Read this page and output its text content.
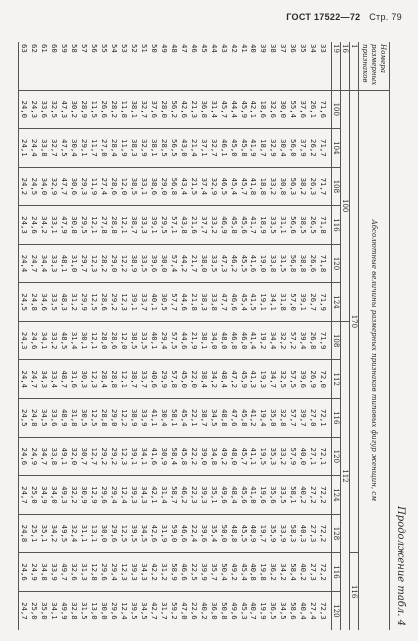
ГОСТ 17522—72 Стр. 79
Продолжение табл. 4
Номера размерных признаков	Абсолютные величины размерных признаков типовых фигур женщин, см													
1	170												116	
16	100						112							
19	100	104	108	116	120	124	108	112	116	120	124	128	116	120
33	71,6	71,7	71,7	71,8	71,8	71,9	71,9	72,0	72,1	72,1	72,2	72,2	72,2	72,3
34	26,1	26,2	26,3	26,5	26,6	26,7	26,8	26,9	27,0	27,1	27,2	27,3	27,3	27,4
35	37,6	37,9	38,2	38,5	38,8	39,1	39,4	39,6	39,7	40,0	40,2	40,3	40,2	40,4
36	55,4	56,0	56,3	56,6	56,8	57,0	57,2	57,5	57,7	57,9	58,1	58,3	58,4	58,6
37	30,0	30,4	30,8	31,1	31,5	31,8	32,2	32,5	32,8	33,2	33,5	33,9	34,2	34,5
38	32,6	32,9	33,2	33,5	33,8	34,1	34,4	34,7	35,0	35,3	35,6	35,9	36,2	36,5
39	18,6	18,7	18,8	18,9	19,0	19,1	19,2	19,3	19,4	19,5	19,6	19,7	19,8	19,9
40	42,1	41,9	41,8	41,7	41,6	41,5	41,4	41,3	41,2	41,1	41,0	40,9	40,8	40,7
41	45,9	45,8	45,7	45,6	45,5	45,4	46,0	45,9	45,8	45,7	45,6	45,5	45,4	45,3
42	44,4	45,0	45,4	45,8	46,2	46,6	46,8	47,2	47,6	48,0	48,4	48,8	49,2	49,6
43	45,7	46,1	46,5	46,9	47,3	47,7	48,0	48,4	48,8	49,2	49,6	50,0	50,4	50,8
44	31,4	32,7	32,9	33,2	33,5	33,8	34,0	34,2	34,5	34,8	35,1	35,4	35,7	36,0
45	36,8	37,1	37,4	37,7	38,0	38,3	38,1	38,4	38,7	39,0	39,3	39,6	39,9	40,2
46	21,3	21,4	21,5	21,6	21,7	21,8	21,9	22,0	22,1	22,2	22,3	22,4	22,5	22,6
47	42,6	43,0	43,4	43,8	44,2	44,6	44,6	45,0	45,4	45,8	46,2	46,6	46,6	47,0
48	56,2	56,5	56,8	57,1	57,4	57,7	57,5	57,8	58,1	58,4	58,7	59,0	58,9	59,2
49	28,0	28,5	29,0	29,5	30,0	30,5	29,4	29,9	30,4	30,9	31,4	31,9	31,2	31,7
50	37,6	38,1	38,6	39,1	39,6	40,1	40,1	40,6	41,1	41,6	42,1	42,6	42,2	42,7
51	32,7	32,9	33,1	33,3	33,5	33,7	33,5	33,7	33,9	34,1	34,3	34,5	34,3	34,5
52	38,1	38,3	38,5	38,7	38,9	39,1	38,5	38,7	38,9	39,1	39,3	39,5	39,3	39,5
53	11,8	11,9	12,0	12,1	12,2	12,3	12,0	12,1	12,2	12,3	12,4	12,5	12,3	12,4
54	28,2	28,4	28,6	28,8	29,0	29,2	28,6	28,8	29,0	29,2	29,4	29,6	29,4	29,6
55	26,6	27,0	27,4	27,8	28,2	28,6	28,0	28,4	28,8	29,2	29,6	30,0	29,6	30,0
56	11,5	11,7	11,9	12,1	12,3	12,5	12,1	12,3	12,5	12,7	12,9	13,1	12,8	13,0
57	28,9	29,1	29,3	29,5	29,7	29,9	30,1	30,3	30,5	30,7	30,9	31,1	31,3	31,5
58	30,2	30,4	30,6	30,8	31,0	31,2	31,4	31,6	31,8	32,0	32,2	32,4	32,6	32,8
59	47,3	47,5	47,7	47,9	48,1	48,3	48,5	48,7	48,9	49,1	49,3	49,5	49,7	49,9
60	32,5	32,7	32,9	33,1	33,3	33,5	33,2	33,4	33,6	33,8	34,0	34,2	33,9	34,1
61	33,6	33,8	34,0	34,2	34,4	34,6	34,1	34,3	34,5	34,7	34,9	35,1	34,8	35,0
62	24,3	24,4	24,5	24,6	24,7	24,8	24,6	24,7	24,8	24,9	25,0	25,1	24,9	25,0
63	24,0	24,1	24,2	24,3	24,4	24,5	24,3	24,4	24,5	24,6	24,7	24,8	24,6	24,7
